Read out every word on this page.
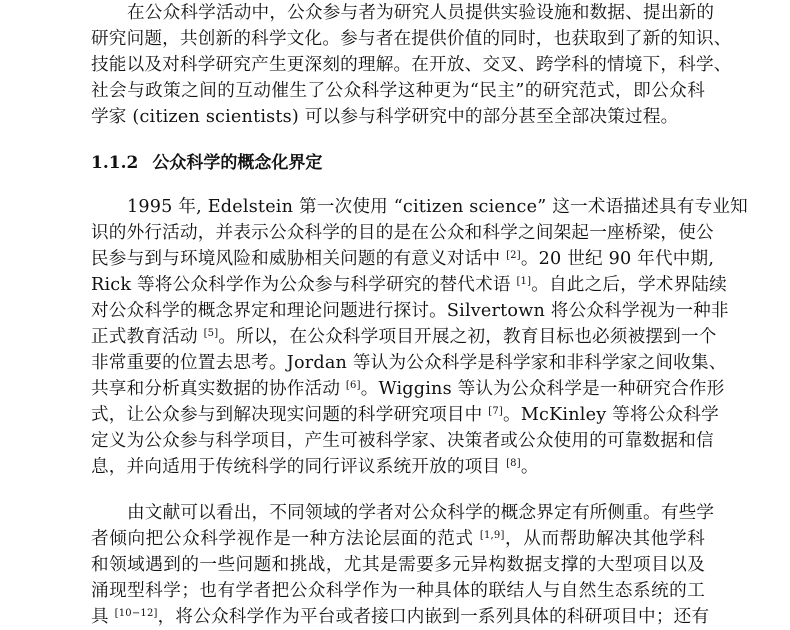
在公众科学活动中，公众参与者为研究人员提供实验设施和数据、提出新的
研究问题，共创新的科学文化。参与者在提供价值的同时，也获取到了新的知识、
技能以及对科学研究产生更深刻的理解。在开放、交叉、跨学科的情境下，科学、
社会与政策之间的互动催生了公众科学这种更为“民主”的研究范式，即公众科
学家 (citizen scientists) 可以参与科学研究中的部分甚至全部决策过程。
1.1.2 公众科学的概念化界定
1995 年, Edelstein 第一次使用 “citizen science” 这一术语描述具有专业知
识的外行活动，并表示公众科学的目的是在公众和科学之间架起一座桥梁，使公
民参与到与环境风险和威胁相关问题的有意义对话中 [2]。20 世纪 90 年代中期,
Rick 等将公众科学作为公众参与科学研究的替代术语 [1]。自此之后，学术界陆续
对公众科学的概念界定和理论问题进行探讨。Silvertown 将公众科学视为一种非
正式教育活动 [5]。所以，在公众科学项目开展之初，教育目标也必须被摆到一个
非常重要的位置去思考。Jordan 等认为公众科学是科学家和非科学家之间收集、
共享和分析真实数据的协作活动 [6]。Wiggins 等认为公众科学是一种研究合作形
式，让公众参与到解决现实问题的科学研究项目中 [7]。McKinley 等将公众科学
定义为公众参与科学项目，产生可被科学家、决策者或公众使用的可靠数据和信
息，并向适用于传统科学的同行评议系统开放的项目 [8]。
由文献可以看出，不同领域的学者对公众科学的概念界定有所侧重。有些学
者倾向把公众科学视作是一种方法论层面的范式 [1,9]，从而帮助解决其他学科
和领域遇到的一些问题和挑战，尤其是需要多元异构数据支撑的大型项目以及
涌现型科学；也有学者把公众科学作为一种具体的联结人与自然生态系统的工
具 [10−12]，将公众科学作为平台或者接口内嵌到一系列具体的科研项目中；还有
